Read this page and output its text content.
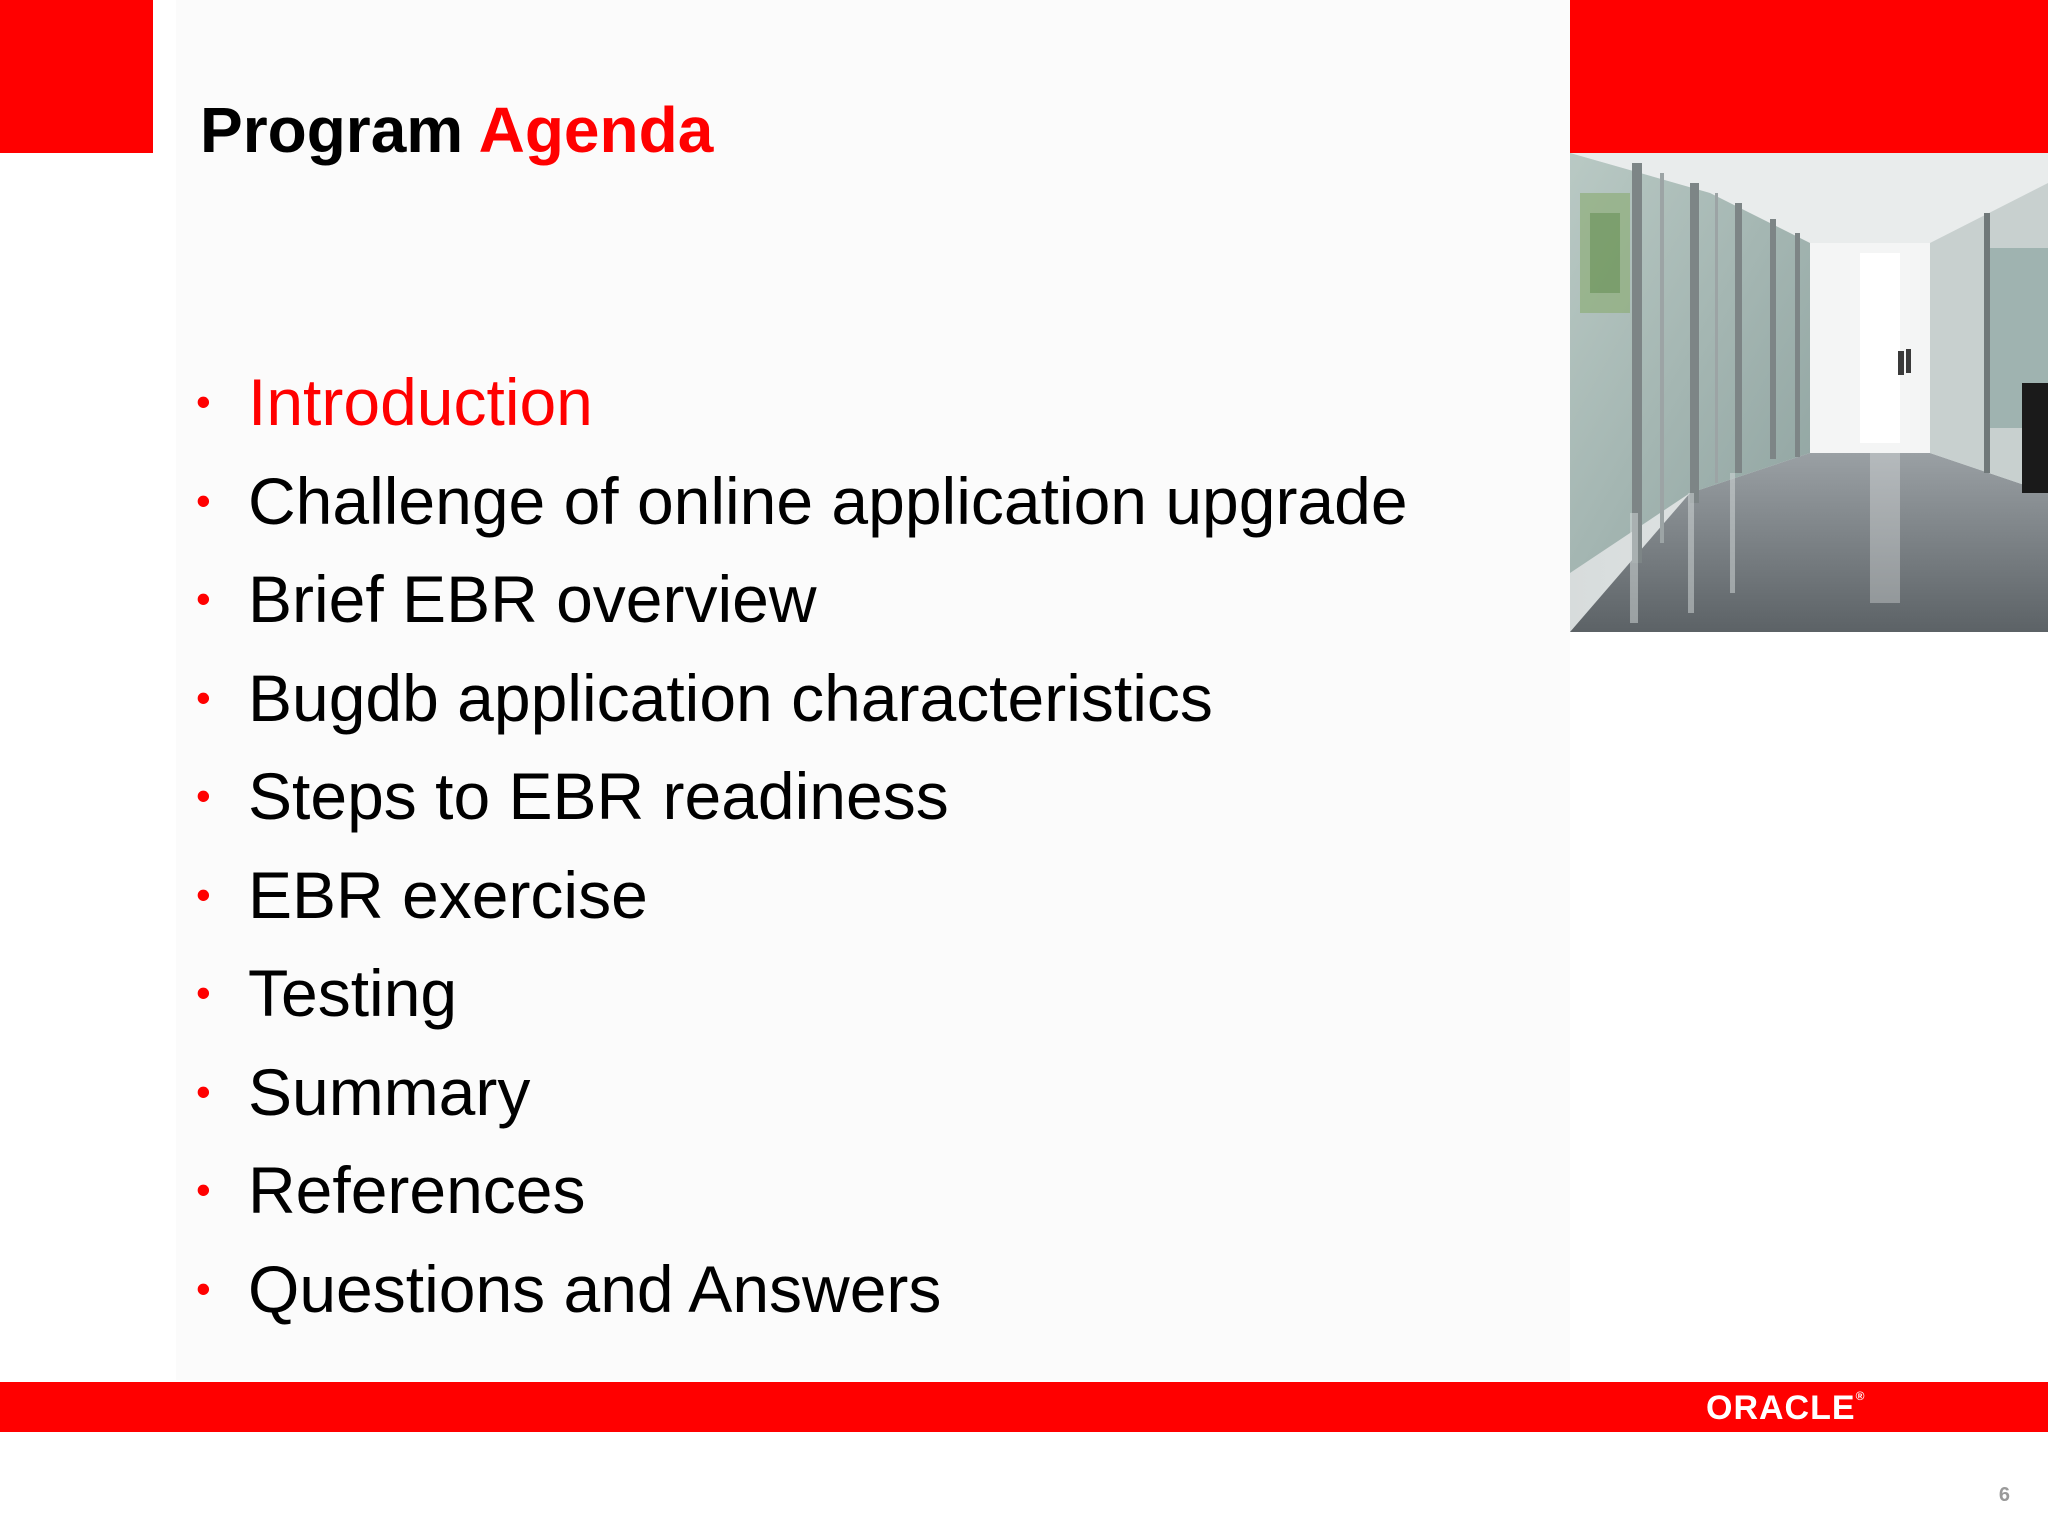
Program Agenda
• Introduction
• Challenge of online application upgrade
• Brief EBR overview
• Bugdb application characteristics
• Steps to EBR readiness
• EBR exercise
• Testing
• Summary
• References
• Questions and Answers
ORACLE®
6
